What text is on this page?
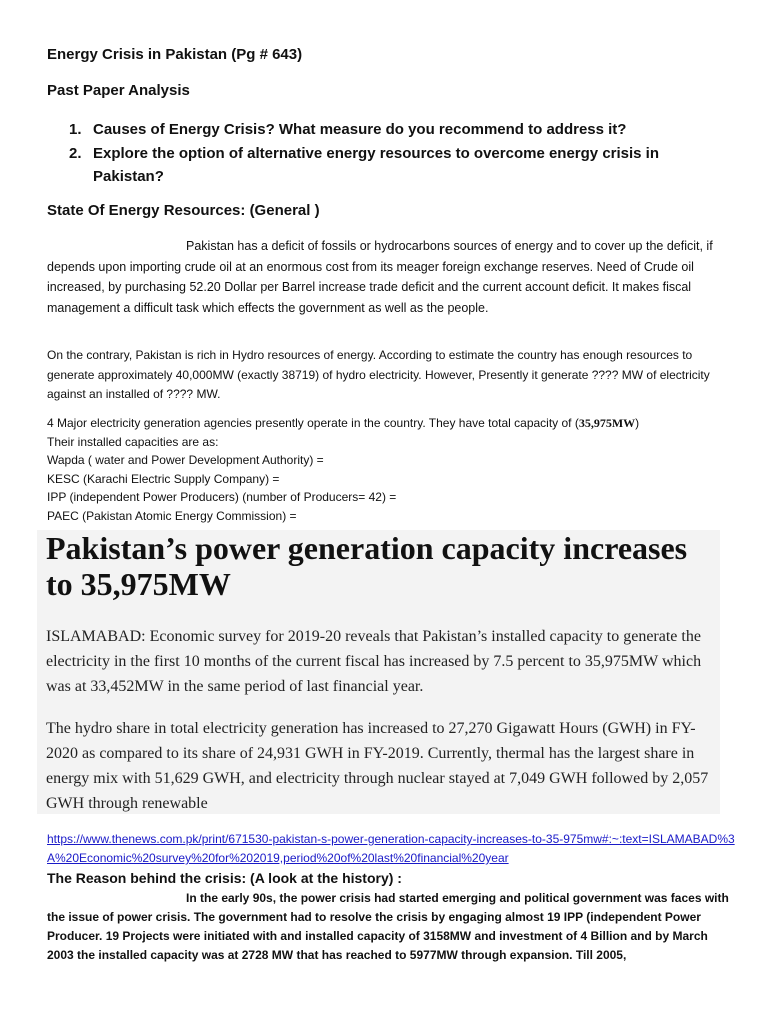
Energy Crisis in Pakistan (Pg # 643)
Past Paper Analysis
1. Causes of Energy Crisis? What measure do you recommend to address it?
2. Explore the option of alternative energy resources to overcome energy crisis in Pakistan?
State Of Energy Resources: (General )

Pakistan has a deficit of fossils or hydrocarbons sources of energy and to cover up the deficit, if depends upon importing crude oil at an enormous cost from its meager foreign exchange reserves. Need of Crude oil increased, by purchasing 52.20 Dollar per Barrel increase trade deficit and the current account deficit. It makes fiscal management a difficult task which effects the government as well as the people.

On the contrary, Pakistan is rich in Hydro resources of energy. According to estimate the country has enough resources to generate approximately 40,000MW (exactly 38719) of hydro electricity. However, Presently it generate ???? MW of electricity against an installed of ???? MW.

4 Major electricity generation agencies presently operate in the country. They have total capacity of (35,975MW)
Their installed capacities are as:
Wapda ( water and Power Development Authority) =
KESC (Karachi Electric Supply Company) =
IPP (independent Power Producers) (number of Producers= 42) =
PAEC (Pakistan Atomic Energy Commission) =

Pakistan’s power generation capacity increases to 35,975MW

ISLAMABAD: Economic survey for 2019-20 reveals that Pakistan’s installed capacity to generate the electricity in the first 10 months of the current fiscal has increased by 7.5 percent to 35,975MW which was at 33,452MW in the same period of last financial year.

The hydro share in total electricity generation has increased to 27,270 Gigawatt Hours (GWH) in FY-2020 as compared to its share of 24,931 GWH in FY-2019. Currently, thermal has the largest share in energy mix with 51,629 GWH, and electricity through nuclear stayed at 7,049 GWH followed by 2,057 GWH through renewable

https://www.thenews.com.pk/print/671530-pakistan-s-power-generation-capacity-increases-to-35-975mw#:~:text=ISLAMABAD%3A%20Economic%20survey%20for%202019,period%20of%20last%20financial%20year
The Reason behind the crisis: (A look at the history) :

In the early 90s, the power crisis had started emerging and political government was faces with the issue of power crisis. The government had to resolve the crisis by engaging almost 19 IPP (independent Power Producer. 19 Projects were initiated with and installed capacity of 3158MW and investment of 4 Billion and by March 2003 the installed capacity was at 2728 MW that has reached to 5977MW through expansion. Till 2005,
